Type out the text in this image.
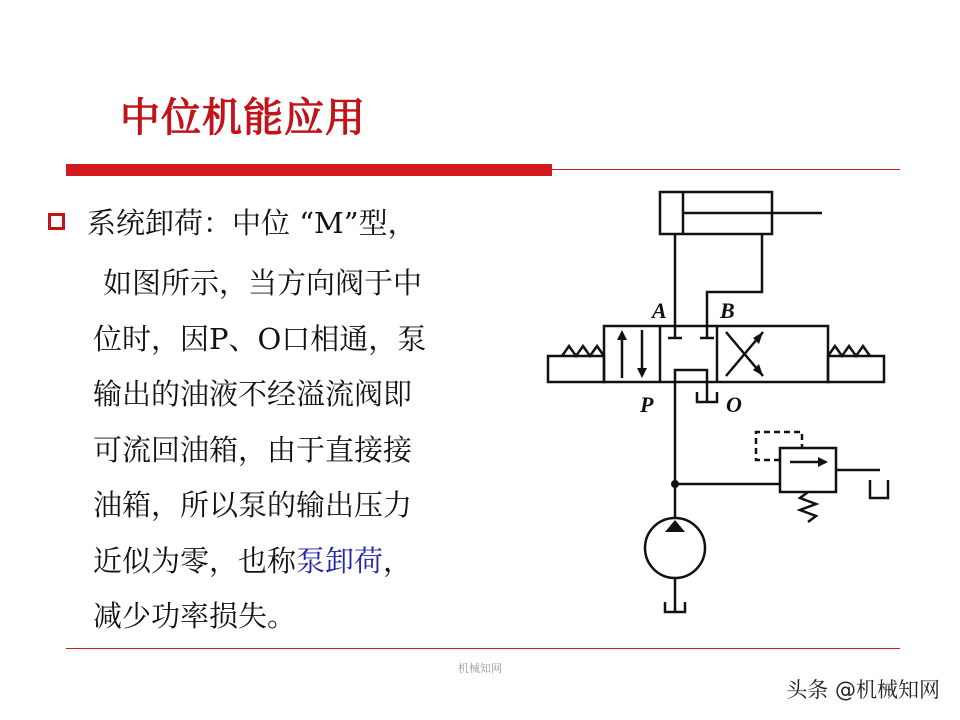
中位机能应用
系统卸荷：中位 “M”型，
如图所示，当方向阀于中
位时，因P、O口相通，泵
输出的油液不经溢流阀即
可流回油箱，由于直接接
油箱，所以泵的输出压力
近似为零，也称泵卸荷，
减少功率损失。
A B
P	O
机械知网
头条 @机械知网
